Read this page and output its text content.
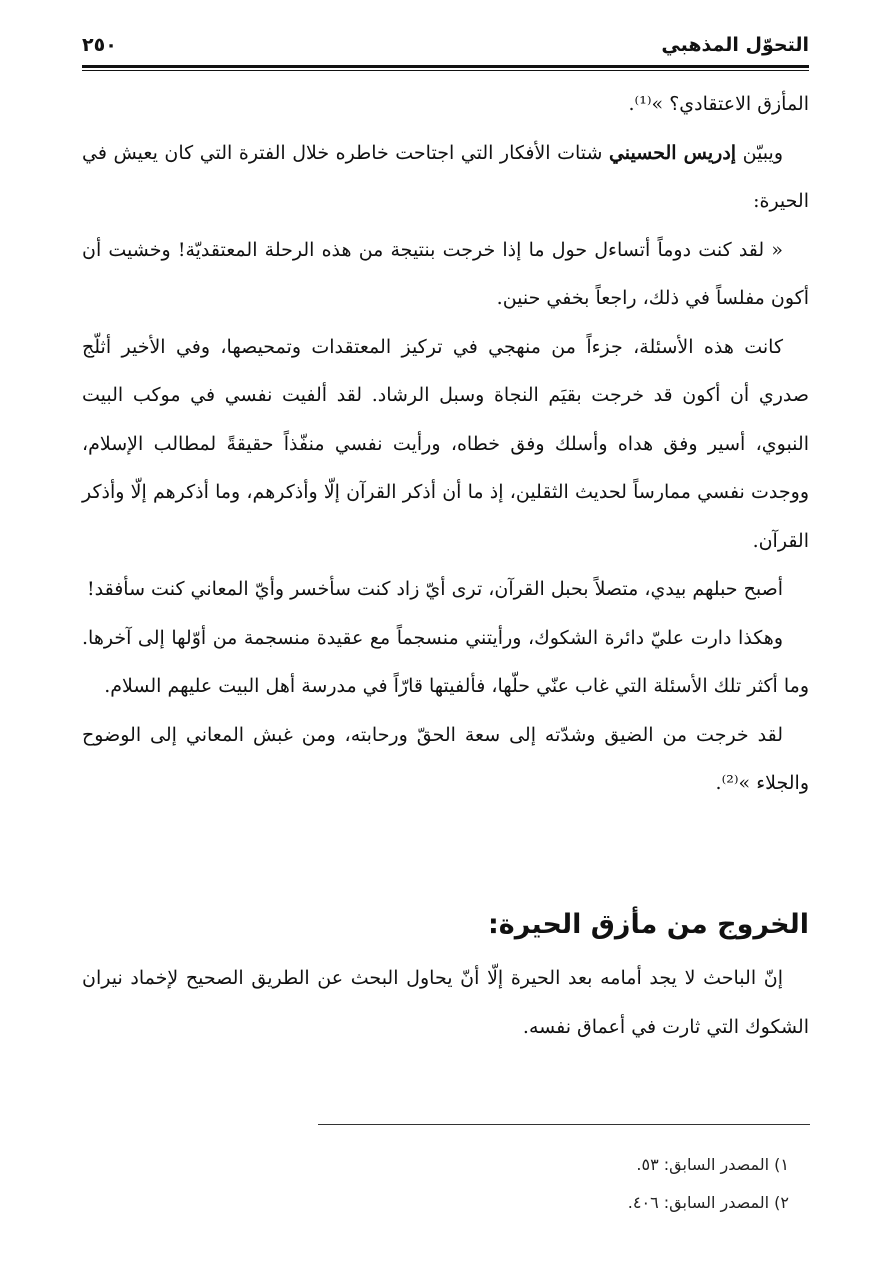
التحوّل المذهبي
٢٥٠

المأزق الاعتقادي؟ »⁽¹⁾.

ويبيّن إدريس الحسيني شتات الأفكار التي اجتاحت خاطره خلال الفترة التي كان يعيش في الحيرة:

« لقد كنت دوماً أتساءل حول ما إذا خرجت بنتيجة من هذه الرحلة المعتقديّة! وخشيت أن أكون مفلساً في ذلك، راجعاً بخفي حنين.

كانت هذه الأسئلة، جزءاً من منهجي في تركيز المعتقدات وتمحيصها، وفي الأخير أثلّج صدري أن أكون قد خرجت بقيَم النجاة وسبل الرشاد. لقد ألفيت نفسي في موكب البيت النبوي، أسير وفق هداه وأسلك وفق خطاه، ورأيت نفسي منفّذاً حقيقةً لمطالب الإسلام، ووجدت نفسي ممارساً لحديث الثقلين، إذ ما أن أذكر القرآن إلّا وأذكرهم، وما أذكرهم إلّا وأذكر القرآن.

أصبح حبلهم بيدي، متصلاً بحبل القرآن، ترى أيّ زاد كنت سأخسر وأيّ المعاني كنت سأفقد!

وهكذا دارت عليّ دائرة الشكوك، ورأيتني منسجماً مع عقيدة منسجمة من أوّلها إلى آخرها. وما أكثر تلك الأسئلة التي غاب عنّي حلّها، فألفيتها قارّاً في مدرسة أهل البيت عليهم السلام.

لقد خرجت من الضيق وشدّته إلى سعة الحقّ ورحابته، ومن غبش المعاني إلى الوضوح والجلاء »⁽²⁾.

الخروج من مأزق الحيرة:

إنّ الباحث لا يجد أمامه بعد الحيرة إلّا أنّ يحاول البحث عن الطريق الصحيح لإخماد نيران الشكوك التي ثارت في أعماق نفسه.

١) المصدر السابق: ٥٣.
٢) المصدر السابق: ٤٠٦.
